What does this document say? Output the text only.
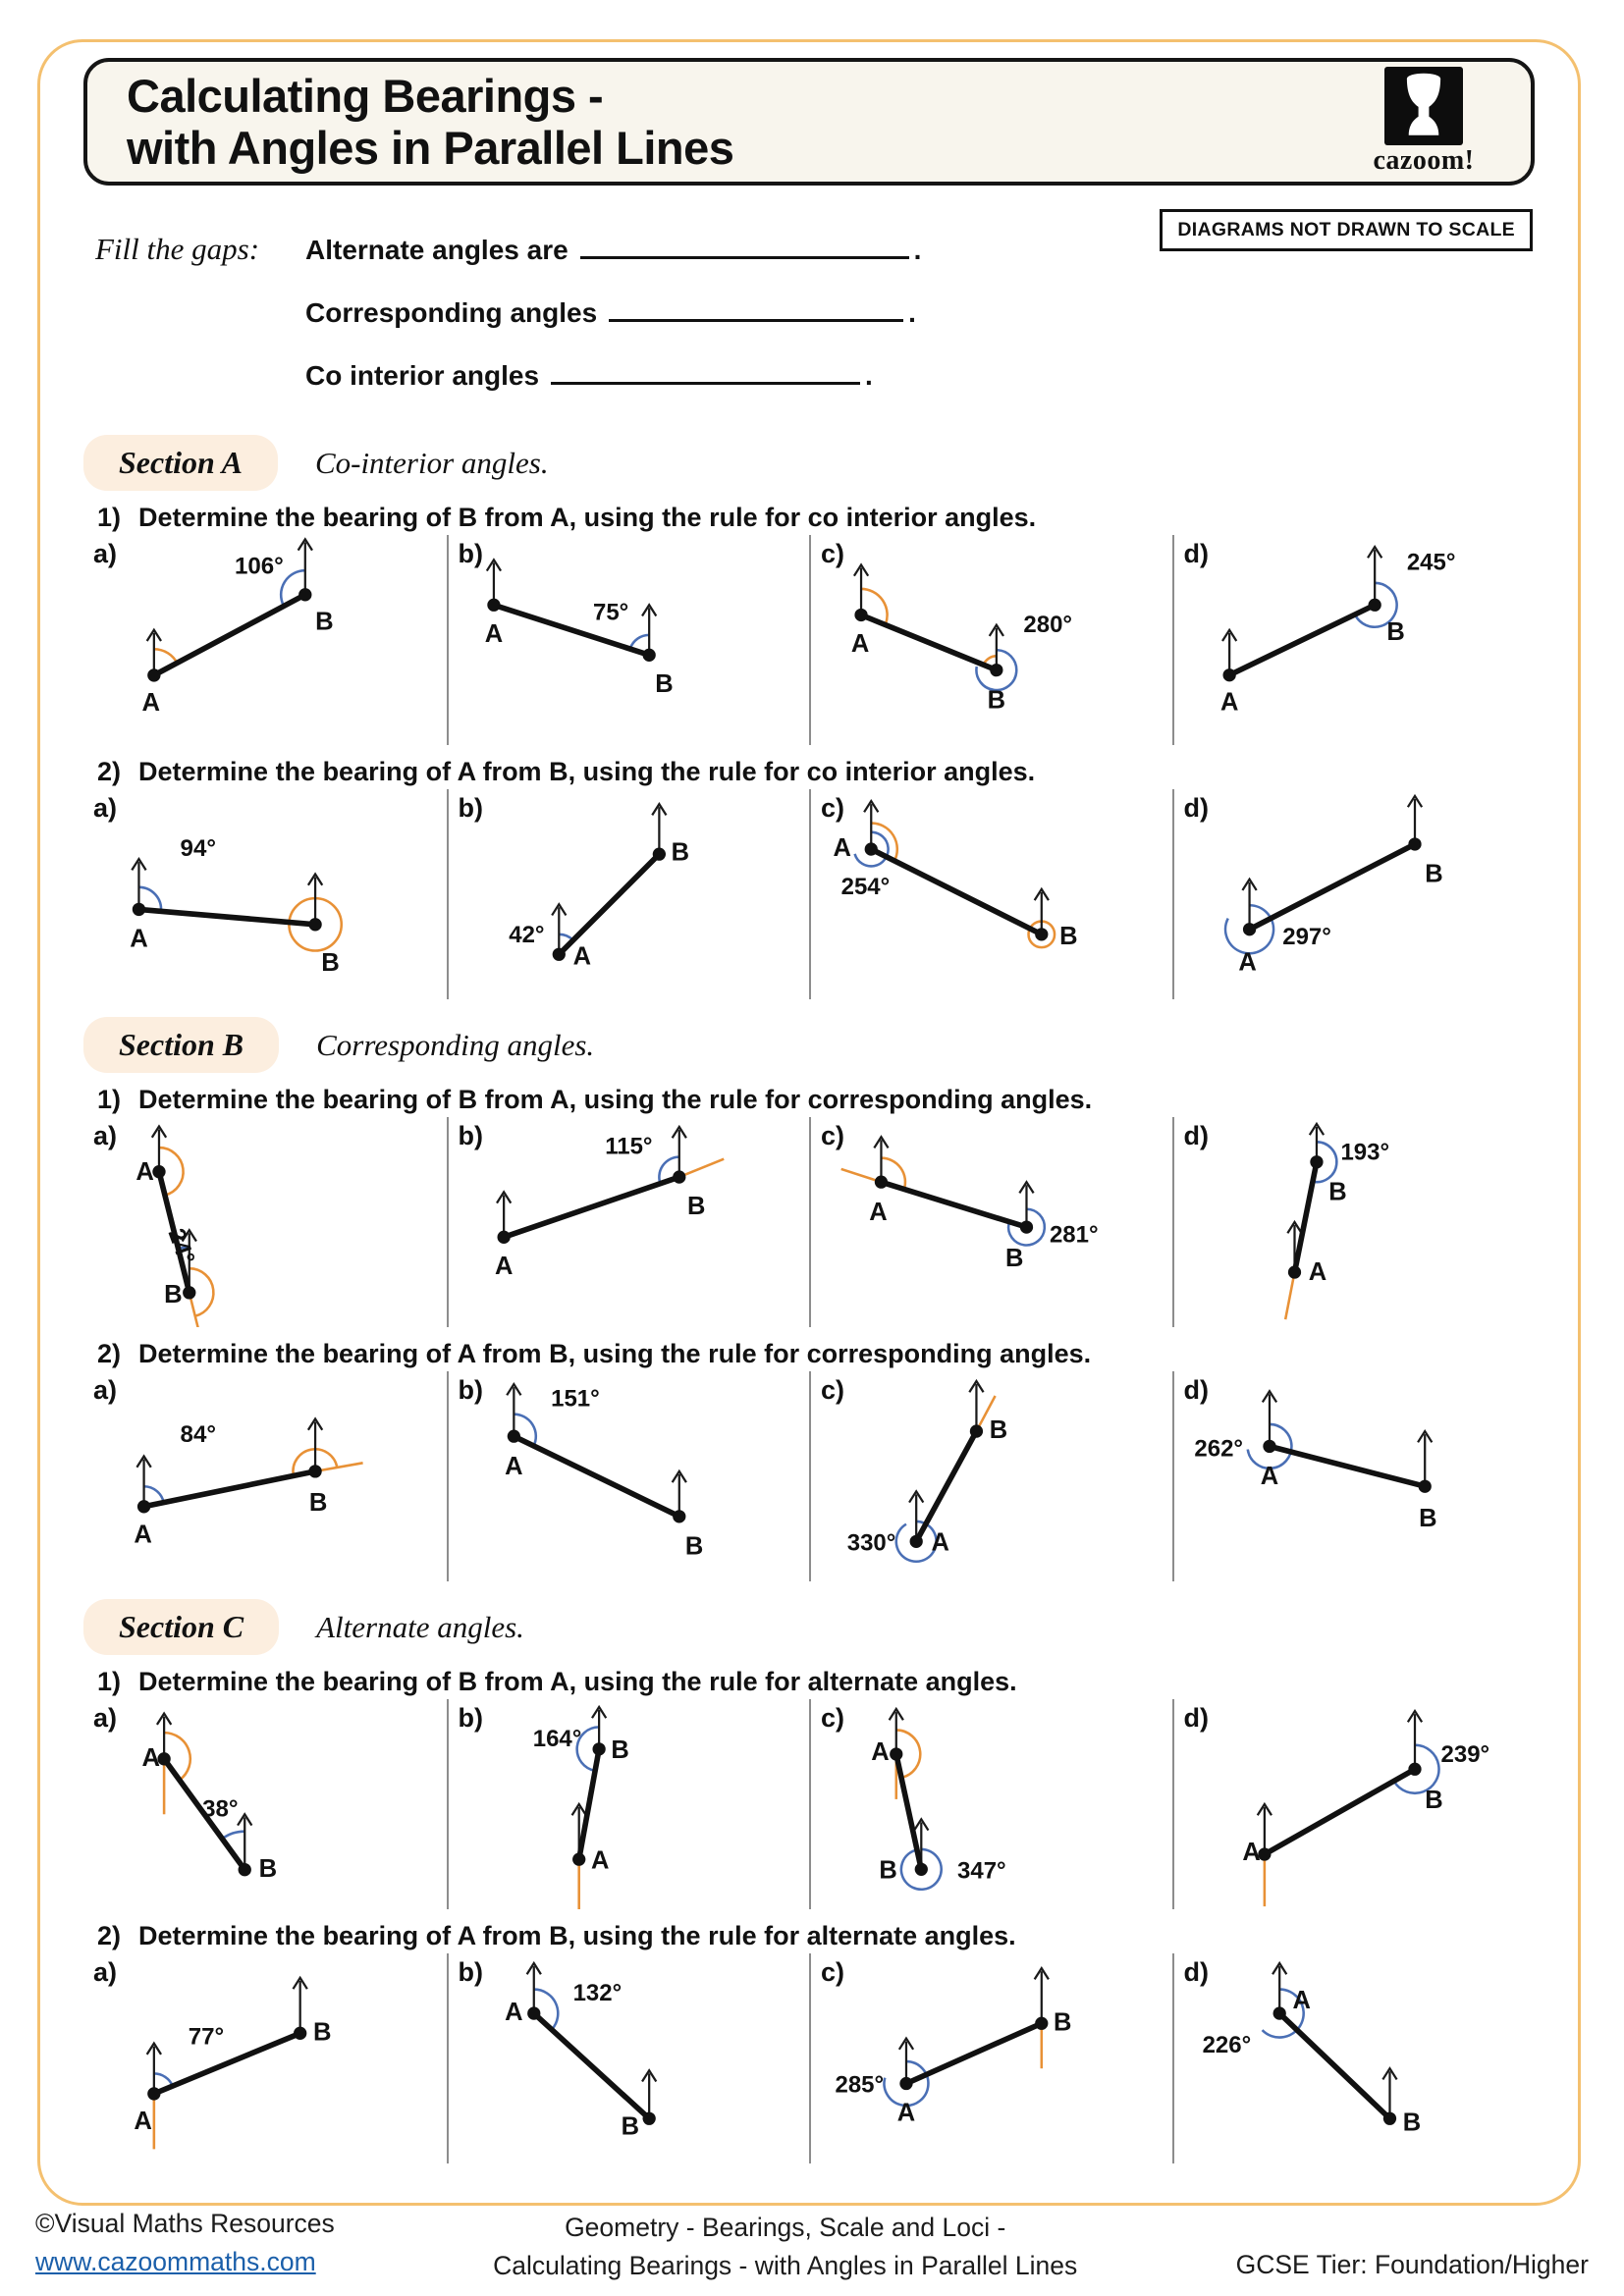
Calculating Bearings -
with Angles in Parallel Lines	cazoom!
DIAGRAMS NOT DRAWN TO SCALE
Fill the gaps:	Alternate angles are	.
Corresponding angles	.
Co interior angles	.
Section A	Co-interior angles.
1) Determine the bearing of B from A, using the rule for co interior angles.
a)
A
B
106°	b)
A
B
75°
c)
A
B
280°
d)
A
B
245°
2) Determine the bearing of A from B, using the rule for co interior angles.
a)
A
B
94°
b)
A
B
42°
c)
A
B
254°
d)
A
B
297°
Section B	Corresponding angles.
1) Determine the bearing of B from A, using the rule for corresponding angles.
a)
A
B
24°
b)
A
B
115°	c)
A
B
281°
d)
A
B
193°
2) Determine the bearing of A from B, using the rule for corresponding angles.
a)
A
B
84°
b)
A
B
151°	c)
A
B
330°
d)
A
B
262°
Section C	Alternate angles.
1) Determine the bearing of B from A, using the rule for alternate angles.
a)
A
B
38°
b)
A
B
164°
c)
A
B	347°
d)
A
B
239°
2) Determine the bearing of A from B, using the rule for alternate angles.
a)
A
B
77°
b)
A
B
132°
c)
A
B
285°
d)
A
B
226°
©Visual Maths Resources
www.cazoommaths.com
Geometry - Bearings, Scale and Loci -
Calculating Bearings - with Angles in Parallel Lines	GCSE Tier: Foundation/Higher
